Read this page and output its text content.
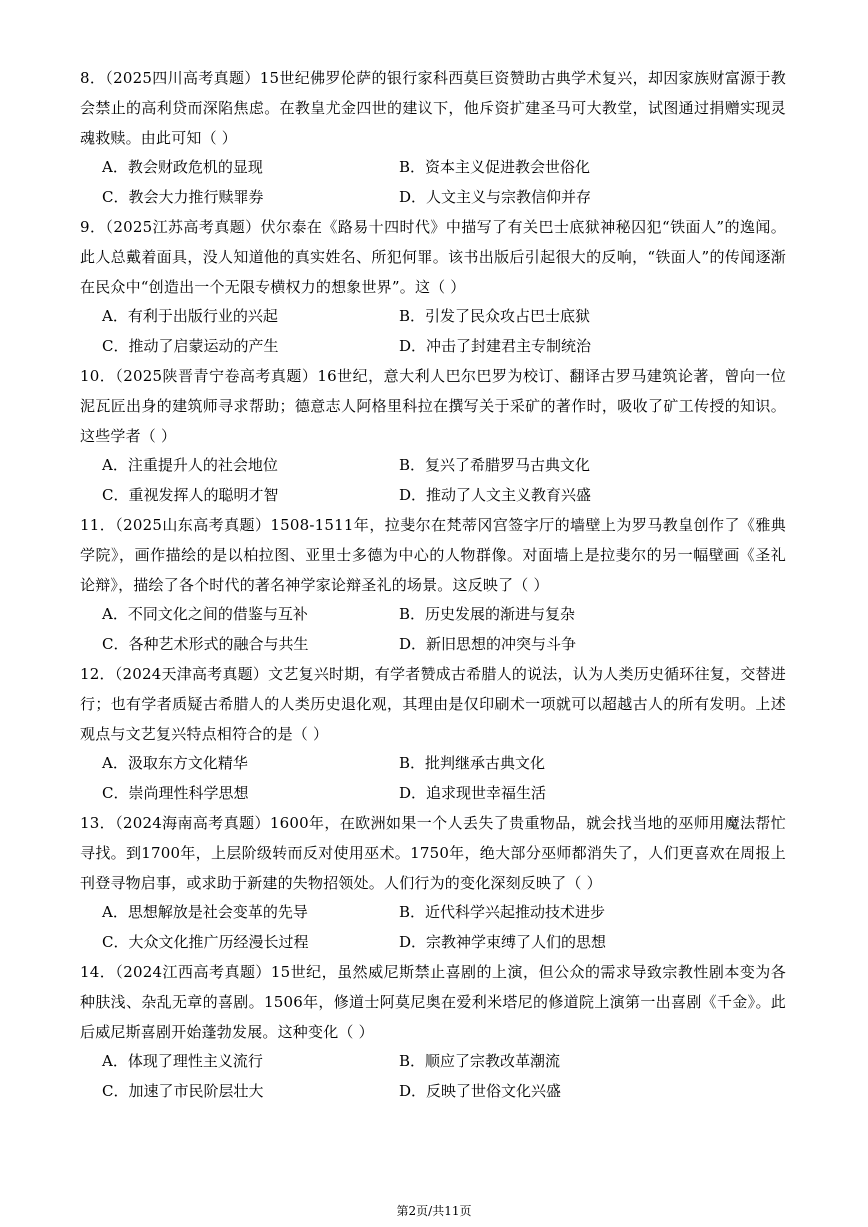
8．（2025四川高考真题）15世纪佛罗伦萨的银行家科西莫巨资赞助古典学术复兴，却因家族财富源于教会禁止的高利贷而深陷焦虑。在教皇尤金四世的建议下，他斥资扩建圣马可大教堂，试图通过捐赠实现灵魂救赎。由此可知（ ）

A．教会财政危机的显现	B．资本主义促进教会世俗化
C．教会大力推行赎罪券	D．人文主义与宗教信仰并存

9．（2025江苏高考真题）伏尔泰在《路易十四时代》中描写了有关巴士底狱神秘囚犯“铁面人”的逸闻。此人总戴着面具，没人知道他的真实姓名、所犯何罪。该书出版后引起很大的反响，“铁面人”的传闻逐渐在民众中“创造出一个无限专横权力的想象世界”。这（ ）

A．有利于出版行业的兴起	B．引发了民众攻占巴士底狱
C．推动了启蒙运动的产生	D．冲击了封建君主专制统治

10．（2025陕晋青宁卷高考真题）16世纪，意大利人巴尔巴罗为校订、翻译古罗马建筑论著，曾向一位泥瓦匠出身的建筑师寻求帮助；德意志人阿格里科拉在撰写关于采矿的著作时，吸收了矿工传授的知识。这些学者（ ）

A．注重提升人的社会地位	B．复兴了希腊罗马古典文化
C．重视发挥人的聪明才智	D．推动了人文主义教育兴盛

11．（2025山东高考真题）1508-1511年，拉斐尔在梵蒂冈宫签字厅的墙壁上为罗马教皇创作了《雅典学院》，画作描绘的是以柏拉图、亚里士多德为中心的人物群像。对面墙上是拉斐尔的另一幅壁画《圣礼论辩》，描绘了各个时代的著名神学家论辩圣礼的场景。这反映了（ ）

A．不同文化之间的借鉴与互补	B．历史发展的渐进与复杂
C．各种艺术形式的融合与共生	D．新旧思想的冲突与斗争

12．（2024天津高考真题）文艺复兴时期，有学者赞成古希腊人的说法，认为人类历史循环往复，交替进行；也有学者质疑古希腊人的人类历史退化观，其理由是仅印刷术一项就可以超越古人的所有发明。上述观点与文艺复兴特点相符合的是（ ）

A．汲取东方文化精华	B．批判继承古典文化
C．崇尚理性科学思想	D．追求现世幸福生活

13．（2024海南高考真题）1600年，在欧洲如果一个人丢失了贵重物品，就会找当地的巫师用魔法帮忙寻找。到1700年，上层阶级转而反对使用巫术。1750年，绝大部分巫师都消失了，人们更喜欢在周报上刊登寻物启事，或求助于新建的失物招领处。人们行为的变化深刻反映了（ ）

A．思想解放是社会变革的先导	B．近代科学兴起推动技术进步
C．大众文化推广历经漫长过程	D．宗教神学束缚了人们的思想

14．（2024江西高考真题）15世纪，虽然威尼斯禁止喜剧的上演，但公众的需求导致宗教性剧本变为各种肤浅、杂乱无章的喜剧。1506年，修道士阿莫尼奥在爱利米塔尼的修道院上演第一出喜剧《千金》。此后威尼斯喜剧开始蓬勃发展。这种变化（ ）

A．体现了理性主义流行	B．顺应了宗教改革潮流
C．加速了市民阶层壮大	D．反映了世俗文化兴盛
第2页/共11页
